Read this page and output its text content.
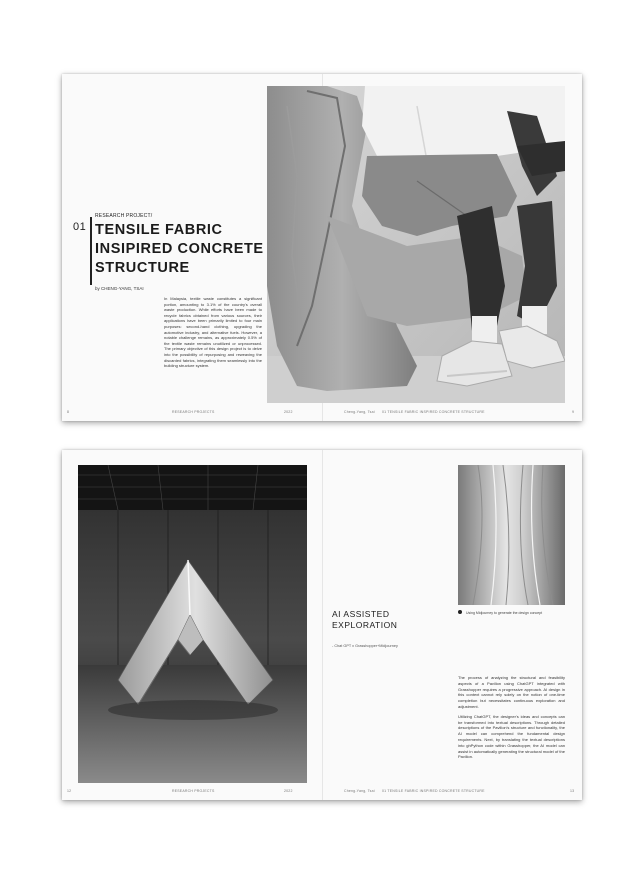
RESEARCH PROJECT/
01 TENSILE FABRIC
INSIPIRED CONCRETE
STRUCTURE
by CHENG-YANG, TSAI
In Malaysia, textile waste constitutes a significant portion, amounting to 3.1% of the country's overall waste production. While efforts have been made to recycle fabrics obtained from various sources, their applications have been primarily limited to four main purposes: second-hand clothing, upgrading the automotive industry, and alternative fuels. However, a notable challenge remains, as approximately 0.5% of the textile waste remains unutilized or unprocessed. The primary objective of this design project is to delve into the possibility of repurposing and reweaving the discarded fabrics, integrating them seamlessly into the building structure system.
8	RESEARCH PROJECTS	2022	Cheng-Yang, Tsai 01 TENSILE FABRIC INSPIRED CONCRETE STRUCTURE	9
AI ASSISTED
EXPLORATION
- Chat GPT x Grasshopper+Midjourney
Using Midjourney to generate the design concept

The process of analyzing the structural and feasibility aspects of a Pavilion using ChatGPT integrated with Grasshopper requires a progressive approach. AI design in this context cannot rely solely on the notion of one-time completion but necessitates continuous exploration and adjustment.

Utilizing ChatGPT, the designer's ideas and concepts can be transformed into textual descriptions. Through detailed descriptions of the Pavilion's structure and functionality, the AI model can comprehend the fundamental design requirements. Next, by translating the textual descriptions into ghPython code within Grasshopper, the AI model can assist in automatically generating the structural model of the Pavilion.

12	RESEARCH PROJECTS	2022	Cheng-Yang, Tsai 01 TENSILE FABRIC INSPIRED CONCRETE STRUCTURE	13
